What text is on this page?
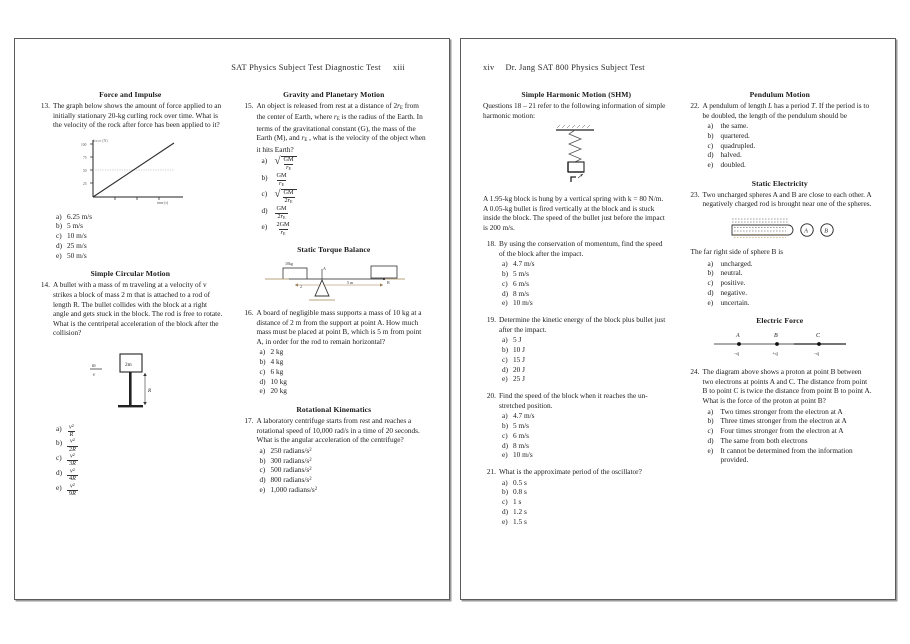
SAT Physics Subject Test Diagnostic Test xiii
Force and Impulse
13. The graph below shows the amount of force applied to an initially stationary 20-kg curling rock over time. What is the velocity of the rock after force has been applied to it?
force (N)
100
75
50
25
time (s)
a) 6.25 m/s
b) 5 m/s
c) 10 m/s
d) 25 m/s
e) 50 m/s
Simple Circular Motion
14. A bullet with a mass of m traveling at a velocity of v strikes a block of mass 2 m that is attached to a rod of length R. The bullet collides with the block at a right angle and gets stuck in the block. The rod is free to rotate. What is the centripetal acceleration of the block after the collision?
m
v
2m
R
$a) \frac{v^2}{R}$
$b) \frac{v^2}{2R}$
$c) \frac{v^2}{3R}$
$d) \frac{v^2}{4R}$
$e) \frac{v^2}{9R}$
Gravity and Planetary Motion
15. An object is released from rest at a distance of $2r_E$ from the center of Earth, where $r_E$ is the radius of the Earth. In terms of the gravitational constant (G), the mass of the Earth (M), and $r_E$ , what is the velocity of the object when it hits Earth?
a) √ $\frac{GM}{r_E}$
b)	$\frac{GM}{r_E}$
c) √ $\frac{GM}{2r_E}$
d)	$\frac{GM}{2r_E}$
e)	$\frac{2GM}{r_E}$
Static Torque Balance
10kg
A
2
5 m	B
16. A board of negligible mass supports a mass of 10 kg at a distance of 2 m from the support at point A. How much mass must be placed at point B, which is 5 m from point A, in order for the rod to remain horizontal?
a) 2 kg
b) 4 kg
c) 6 kg
d) 10 kg
e) 20 kg
Rotational Kinematics
17. A laboratory centrifuge starts from rest and reaches a rotational speed of 10,000 rad/s in a time of 20 seconds. What is the angular acceleration of the centrifuge?
a) 250 radians/$s^2$
b) 300 radians/$s^2$
c) 500 radians/$s^2$
d) 800 radians/$s^2$
e) 1,000 radians/$s^2$
xiv Dr. Jang SAT 800 Physics Subject Test
Simple Harmonic Motion (SHM)
Questions 18 – 21 refer to the following information of simple harmonic motion:
A 1.95-kg block is hung by a vertical spring with k = 80 N/m. A 0.05-kg bullet is fired vertically at the block and is stuck inside the block. The speed of the bullet just before the impact is 200 m/s.
18. By using the conservation of momentum, find the speed of the block after the impact.
a) 4.7 m/s
b) 5 m/s
c) 6 m/s
d) 8 m/s
e) 10 m/s
19. Determine the kinetic energy of the block plus bullet just after the impact.
a) 5 J
b) 10 J
c) 15 J
d) 20 J
e) 25 J
20. Find the speed of the block when it reaches the un-stretched position.
a) 4.7 m/s
b) 5 m/s
c) 6 m/s
d) 8 m/s
e) 10 m/s
21. What is the approximate period of the oscillator?
a) 0.5 s
b) 0.8 s
c) 1 s
d) 1.2 s
e) 1.5 s
Pendulum Motion
22. A pendulum of length L has a period T. If the period is to be doubled, the length of the pendulum should be
a)	the same.
b) quartered.
c)	quadrupled.
d) halved.
e)	doubled.
Static Electricity
23. Two uncharged spheres A and B are close to each other. A negatively charged rod is brought near one of the spheres.
A	B
The far right side of sphere B is
a)	uncharged.
b) neutral.
c)	positive.
d) negative.
e)	uncertain.
Electric Force
A	B	C
–q	+q	–q
24. The diagram above shows a proton at point B between two electrons at points A and C. The distance from point B to point C is twice the distance from point B to point A. What is the force of the proton at point B?
a)	Two times stronger from the electron at A
b) Three times stronger from the electron at A
c)	Four times stronger from the electron at A
d) The same from both electrons
e)	It cannot be determined from the information provided.
